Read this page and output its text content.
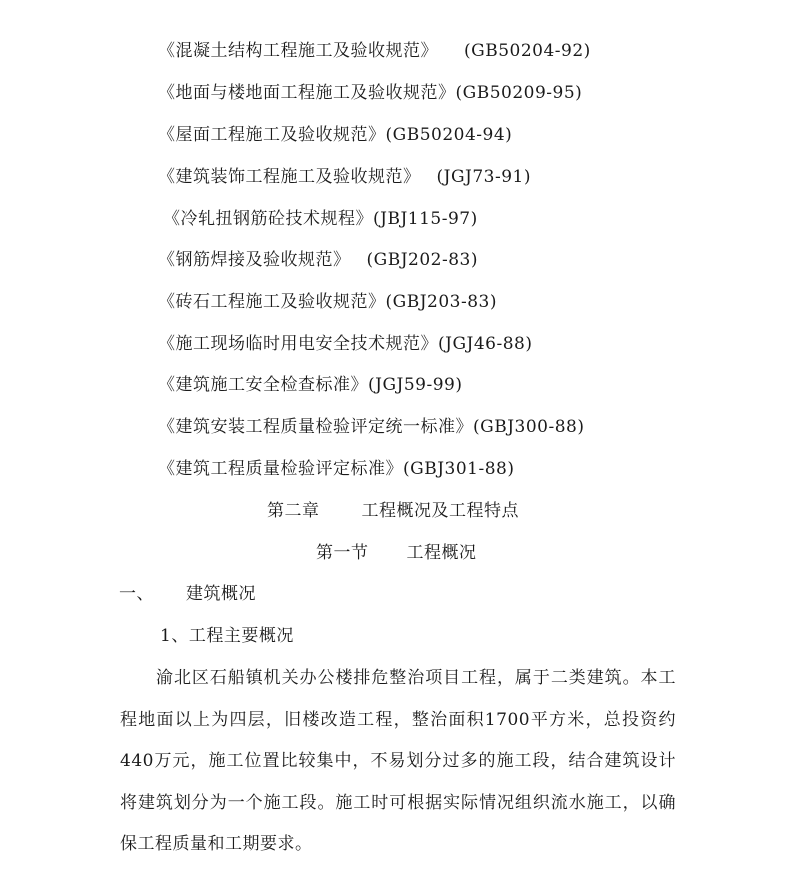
《混凝土结构工程施工及验收规范》 (GB50204-92)
《地面与楼地面工程施工及验收规范》(GB50209-95)
《屋面工程施工及验收规范》(GB50204-94)
《建筑装饰工程施工及验收规范》 (JGJ73-91)
《冷轧扭钢筋砼技术规程》(JBJ115-97)
《钢筋焊接及验收规范》 (GBJ202-83)
《砖石工程施工及验收规范》(GBJ203-83)
《施工现场临时用电安全技术规范》(JGJ46-88)
《建筑施工安全检查标准》(JGJ59-99)
《建筑安装工程质量检验评定统一标准》(GBJ300-88)
《建筑工程质量检验评定标准》(GBJ301-88)
第二章 工程概况及工程特点
第一节 工程概况
一、 建筑概况
1、工程主要概况

渝北区石船镇机关办公楼排危整治项目工程，属于二类建筑。本工程地面以上为四层，旧楼改造工程，整治面积1700平方米，总投资约440万元，施工位置比较集中，不易划分过多的施工段，结合建筑设计将建筑划分为一个施工段。施工时可根据实际情况组织流水施工，以确保工程质量和工期要求。
